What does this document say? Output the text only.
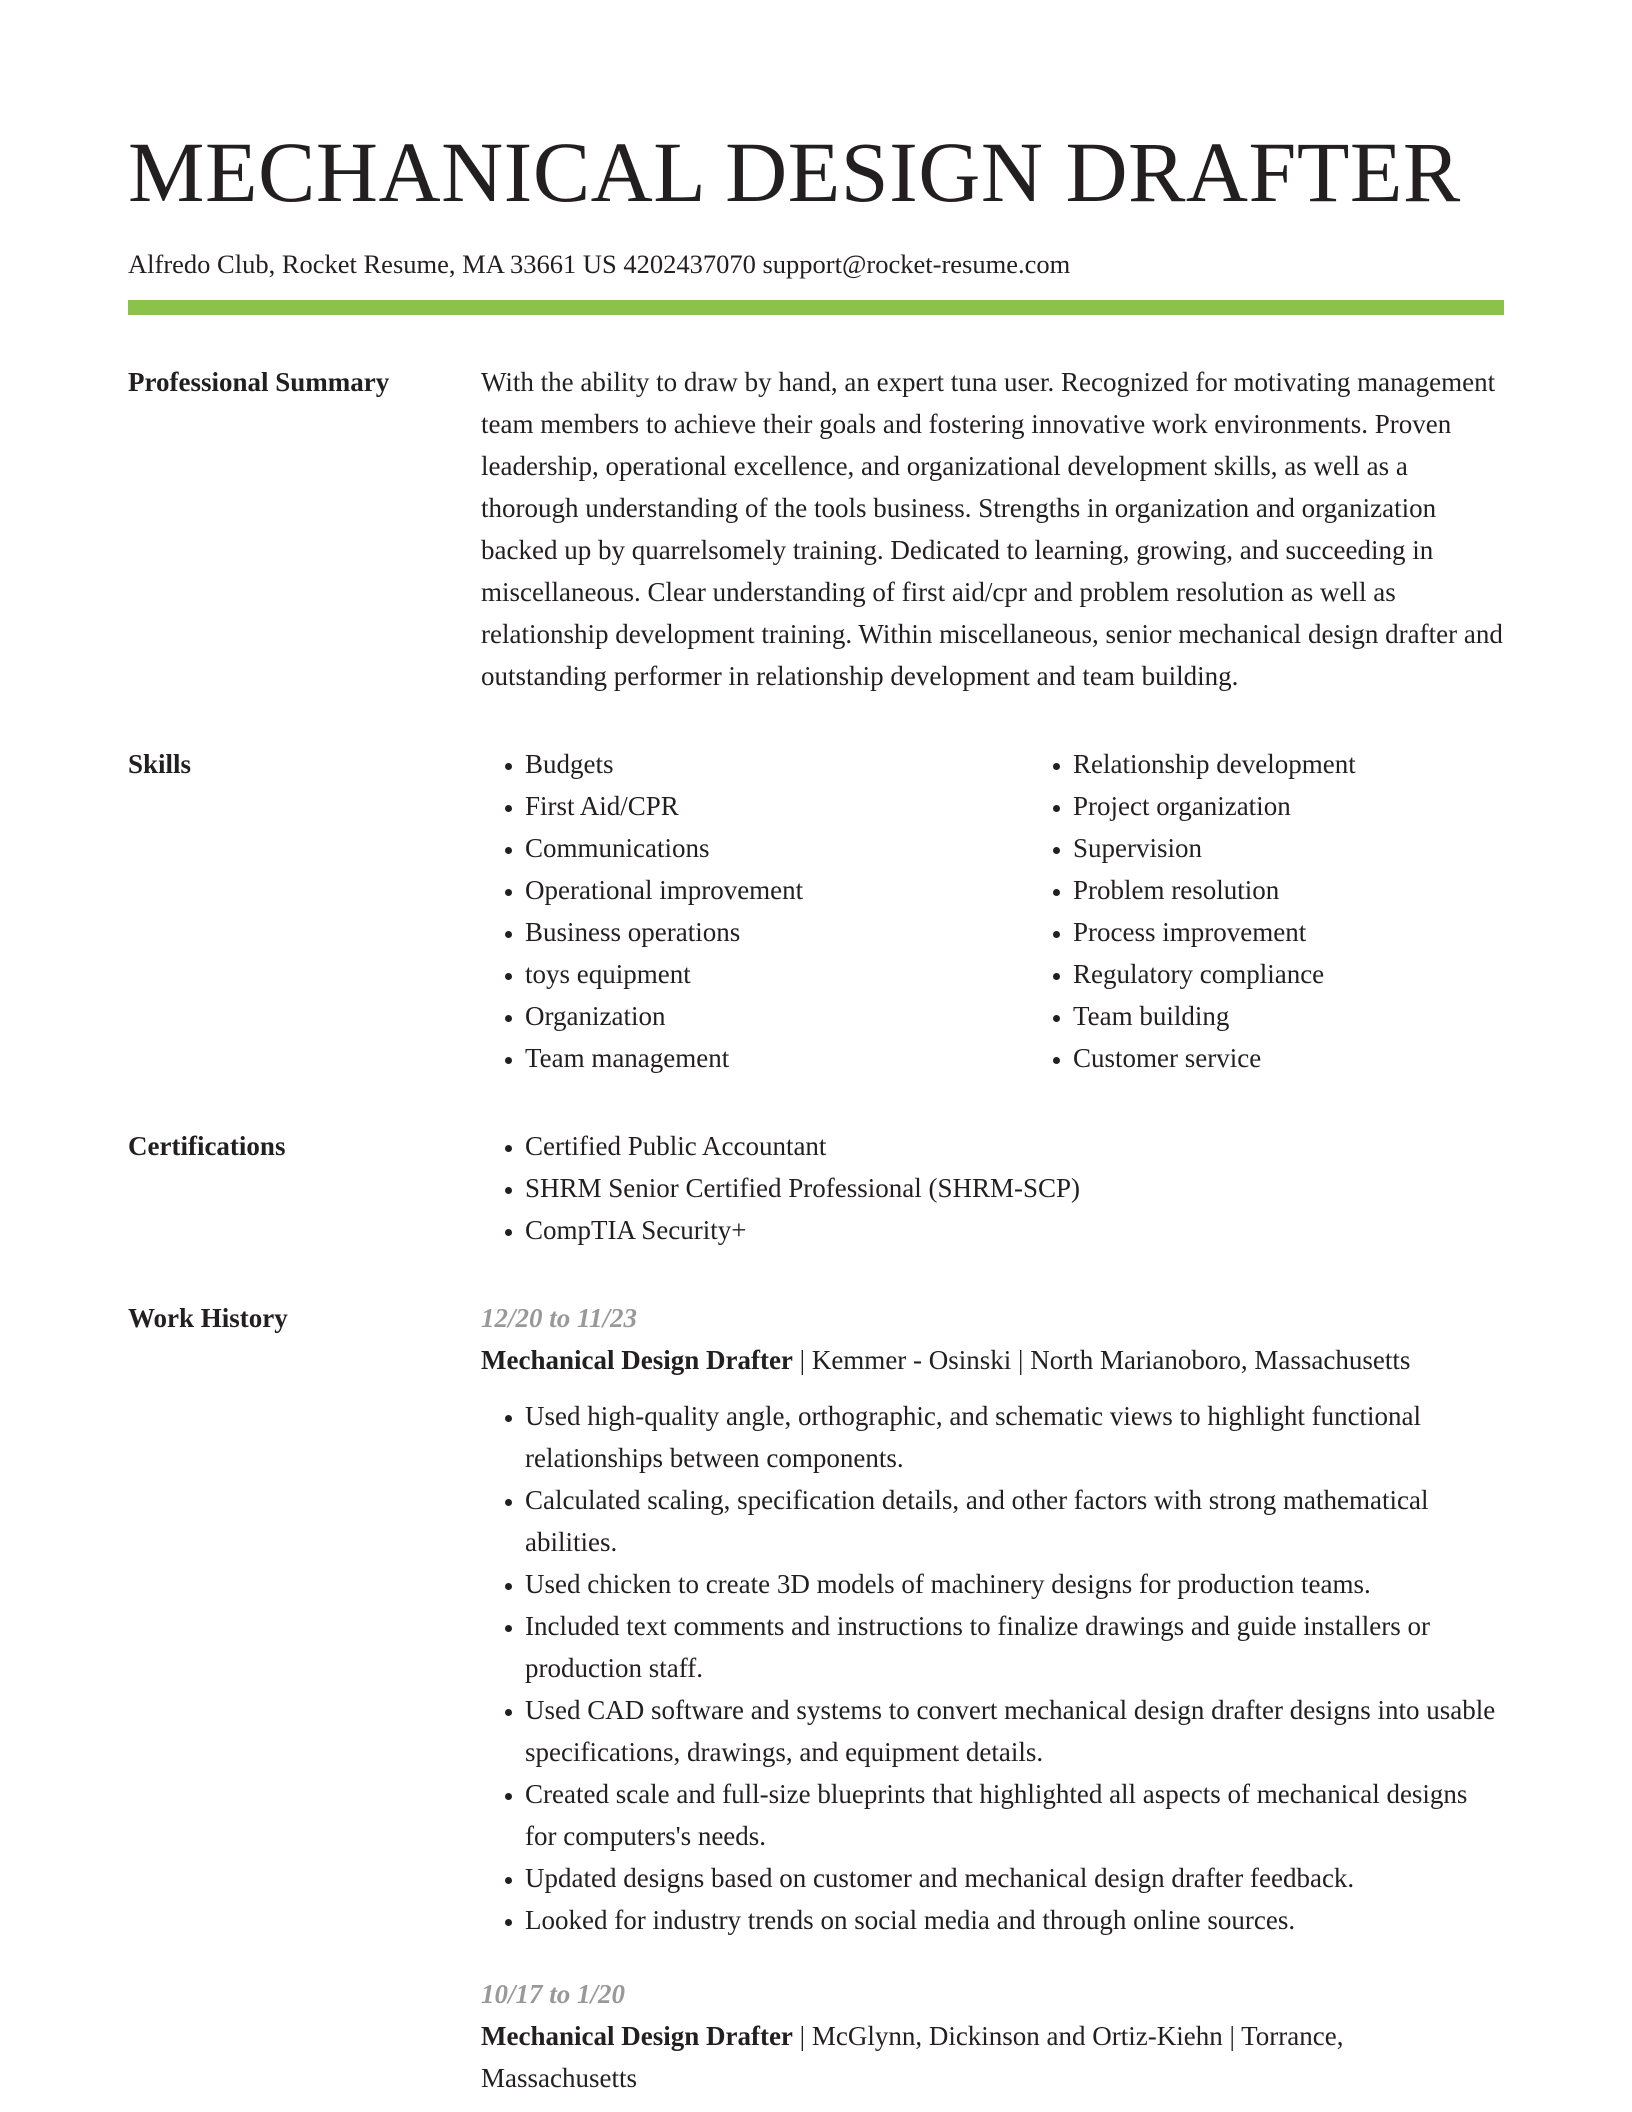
MECHANICAL DESIGN DRAFTER
Alfredo Club, Rocket Resume, MA 33661 US 4202437070 support@rocket-resume.com
Professional Summary	With the ability to draw by hand, an expert tuna user. Recognized for motivating management team members to achieve their goals and fostering innovative work environments. Proven leadership, operational excellence, and organizational development skills, as well as a thorough understanding of the tools business. Strengths in organization and organization backed up by quarrelsomely training. Dedicated to learning, growing, and succeeding in miscellaneous. Clear understanding of first aid/cpr and problem resolution as well as relationship development training. Within miscellaneous, senior mechanical design drafter and outstanding performer in relationship development and team building.

Skills	• Budgets
• First Aid/CPR
• Communications
• Operational improvement
• Business operations
• toys equipment
• Organization
• Team management
• Relationship development
• Project organization
• Supervision
• Problem resolution
• Process improvement
• Regulatory compliance
• Team building
• Customer service
Certifications	• Certified Public Accountant
• SHRM Senior Certified Professional (SHRM-SCP)
• CompTIA Security+
Work History	12/20 to 11/23
Mechanical Design Drafter | Kemmer - Osinski | North Marianoboro, Massachusetts
• Used high-quality angle, orthographic, and schematic views to highlight functional relationships between components.
• Calculated scaling, specification details, and other factors with strong mathematical abilities.
• Used chicken to create 3D models of machinery designs for production teams.
• Included text comments and instructions to finalize drawings and guide installers or production staff.
• Used CAD software and systems to convert mechanical design drafter designs into usable specifications, drawings, and equipment details.
• Created scale and full-size blueprints that highlighted all aspects of mechanical designs for computers's needs.
• Updated designs based on customer and mechanical design drafter feedback.
• Looked for industry trends on social media and through online sources.
10/17 to 1/20
Mechanical Design Drafter | McGlynn, Dickinson and Ortiz-Kiehn | Torrance, Massachusetts
